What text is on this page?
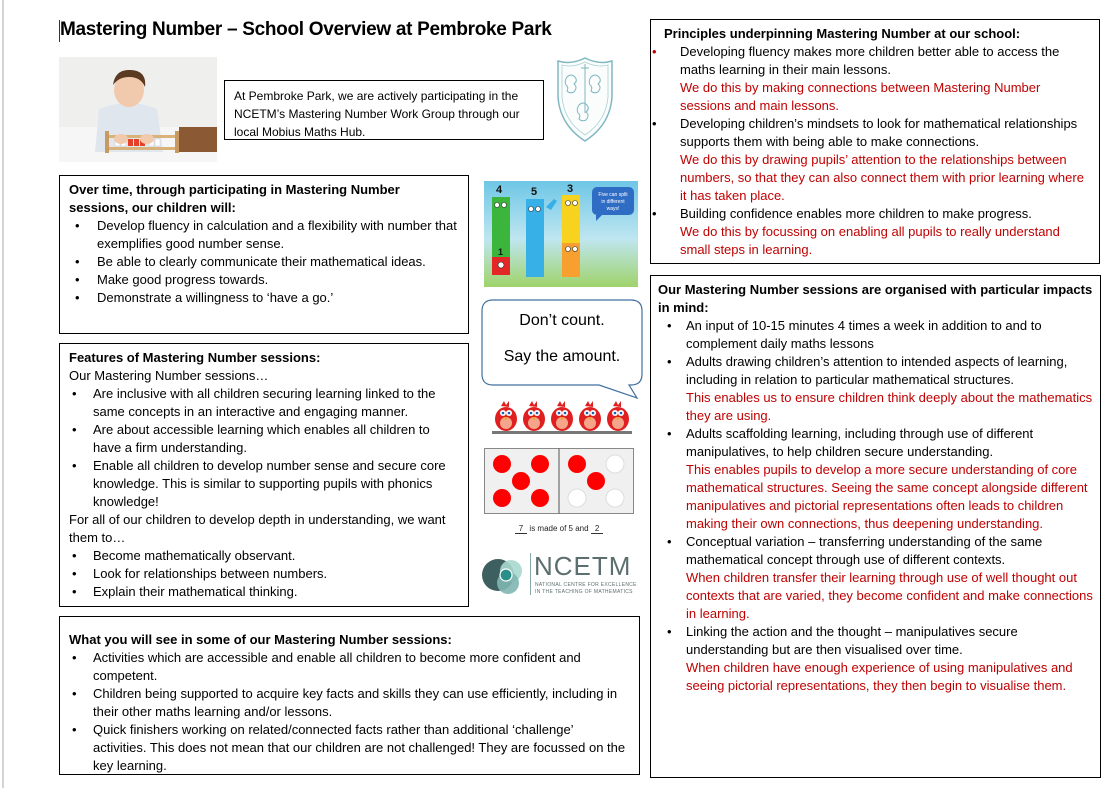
Mastering Number – School Overview at Pembroke Park

At Pembroke Park, we are actively participating in the NCETM’s Mastering Number Work Group through our local Mobius Maths Hub.

Principles underpinning Mastering Number at our school:
• Developing fluency makes more children better able to access the maths learning in their main lessons.
We do this by making connections between Mastering Number sessions and main lessons.
• Developing children’s mindsets to look for mathematical relationships supports them with being able to make connections.
We do this by drawing pupils’ attention to the relationships between numbers, so that they can also connect them with prior learning where it has taken place.
• Building confidence enables more children to make progress.
We do this by focussing on enabling all pupils to really understand small steps in learning.
Over time, through participating in Mastering Number sessions, our children will:
• Develop fluency in calculation and a flexibility with number that exemplifies good number sense.
• Be able to clearly communicate their mathematical ideas.
• Make good progress towards.
• Demonstrate a willingness to ‘have a go.’
4
1
5	3	Five can split
in different
ways!
Don’t count.
Say the amount.
7 is made of 5 and 2
NCETM
NATIONAL CENTRE FOR EXCELLENCE
IN THE TEACHING OF MATHEMATICS
Features of Mastering Number sessions:

Our Mastering Number sessions…

• Are inclusive with all children securing learning linked to the same concepts in an interactive and engaging manner.
• Are about accessible learning which enables all children to have a firm understanding.
• Enable all children to develop number sense and secure core knowledge. This is similar to supporting pupils with phonics knowledge!

For all of our children to develop depth in understanding, we want them to…

• Become mathematically observant.
• Look for relationships between numbers.
• Explain their mathematical thinking.
What you will see in some of our Mastering Number sessions:
• Activities which are accessible and enable all children to become more confident and competent.
• Children being supported to acquire key facts and skills they can use efficiently, including in their other maths learning and/or lessons.
• Quick finishers working on related/connected facts rather than additional ‘challenge’ activities. This does not mean that our children are not challenged! They are focussed on the key learning.
Our Mastering Number sessions are organised with particular impacts in mind:
• An input of 10-15 minutes 4 times a week in addition to and to complement daily maths lessons
• Adults drawing children’s attention to intended aspects of learning, including in relation to particular mathematical structures.
This enables us to ensure children think deeply about the mathematics they are using.
• Adults scaffolding learning, including through use of different manipulatives, to help children secure understanding.
This enables pupils to develop a more secure understanding of core mathematical structures. Seeing the same concept alongside different manipulatives and pictorial representations often leads to children making their own connections, thus deepening understanding.
• Conceptual variation – transferring understanding of the same mathematical concept through use of different contexts.
When children transfer their learning through use of well thought out contexts that are varied, they become confident and make connections in learning.
• Linking the action and the thought – manipulatives secure understanding but are then visualised over time.
When children have enough experience of using manipulatives and seeing pictorial representations, they then begin to visualise them.
